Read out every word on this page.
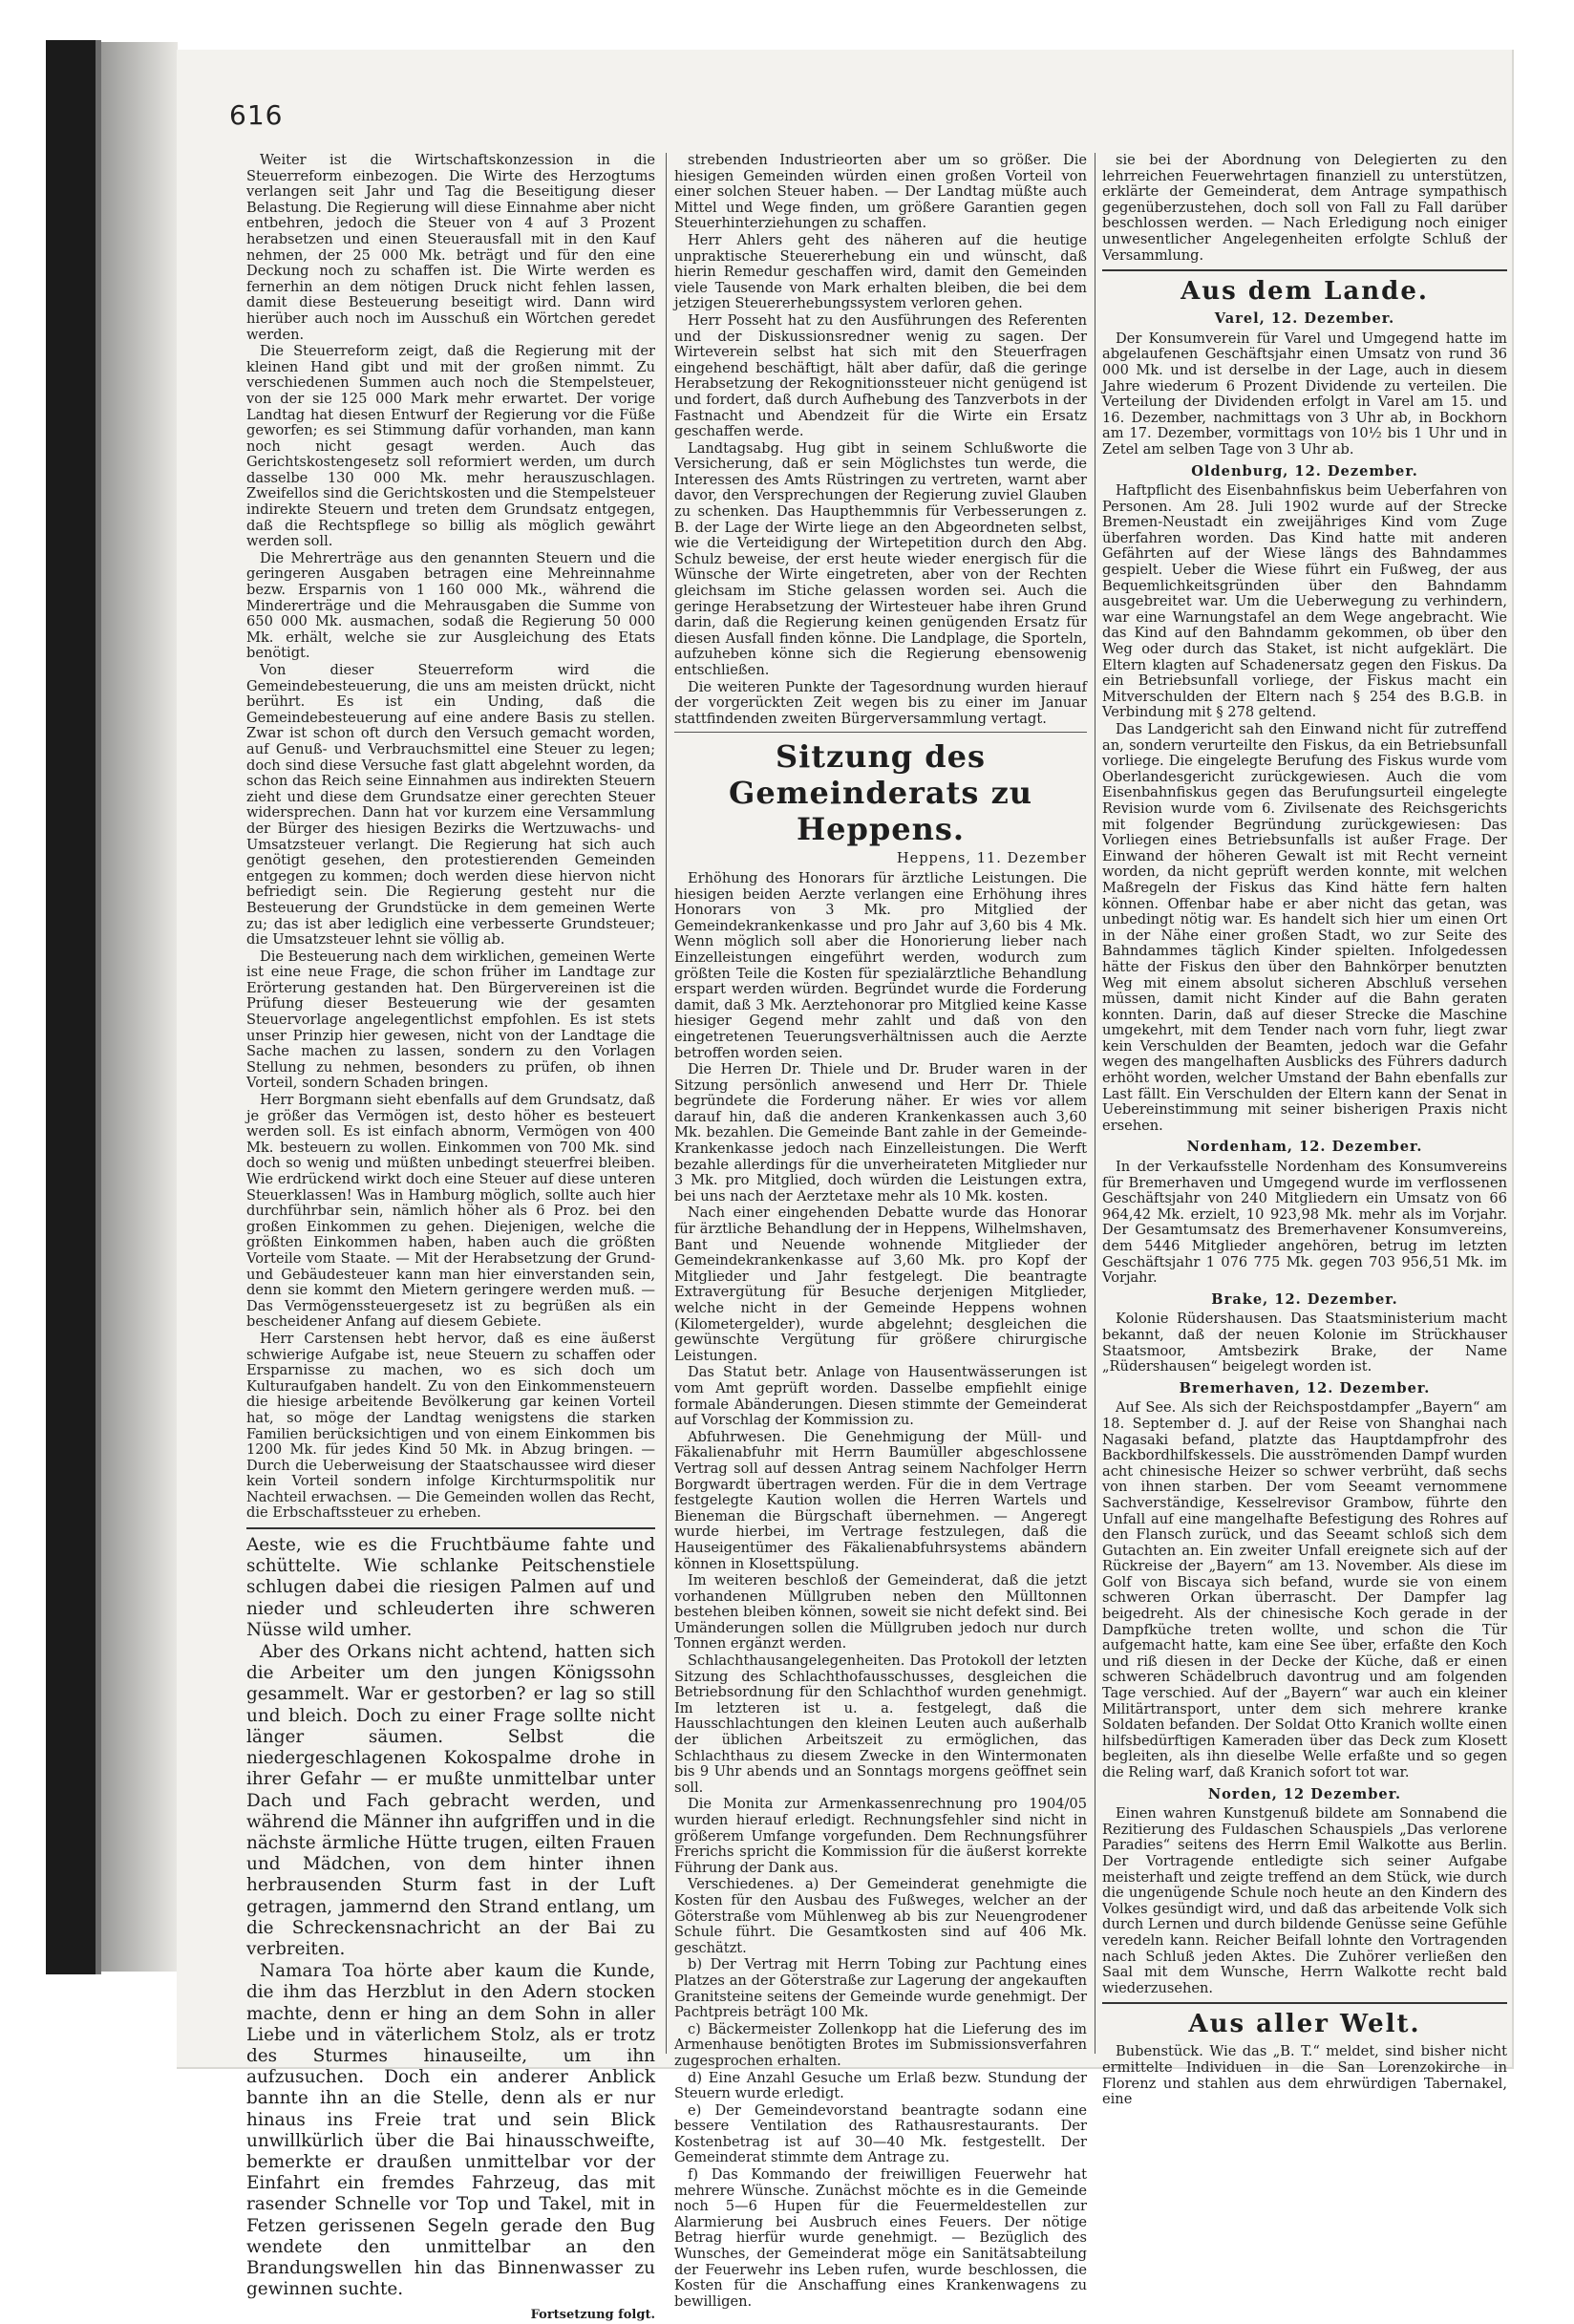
616

Weiter ist die Wirtschaftskonzession in die Steuerreform einbezogen. Die Wirte des Herzogtums verlangen seit Jahr und Tag die Beseitigung dieser Belastung. Die Regierung will diese Einnahme aber nicht entbehren, jedoch die Steuer von 4 auf 3 Prozent herabsetzen und einen Steuerausfall mit in den Kauf nehmen, der 25 000 Mk. beträgt und für den eine Deckung noch zu schaffen ist. Die Wirte werden es fernerhin an dem nötigen Druck nicht fehlen lassen, damit diese Besteuerung beseitigt wird. Dann wird hierüber auch noch im Ausschuß ein Wörtchen geredet werden.

Die Steuerreform zeigt, daß die Regierung mit der kleinen Hand gibt und mit der großen nimmt. Zu verschiedenen Summen auch noch die Stempelsteuer, von der sie 125 000 Mark mehr erwartet. Der vorige Landtag hat diesen Entwurf der Regierung vor die Füße geworfen; es sei Stimmung dafür vorhanden, man kann noch nicht gesagt werden. Auch das Gerichtskostengesetz soll reformiert werden, um durch dasselbe 130 000 Mk. mehr herauszuschlagen. Zweifellos sind die Gerichtskosten und die Stempelsteuer indirekte Steuern und treten dem Grundsatz entgegen, daß die Rechtspflege so billig als möglich gewährt werden soll.

Die Mehrerträge aus den genannten Steuern und die geringeren Ausgaben betragen eine Mehreinnahme bezw. Ersparnis von 1 160 000 Mk., während die Mindererträge und die Mehrausgaben die Summe von 650 000 Mk. ausmachen, sodaß die Regierung 50 000 Mk. erhält, welche sie zur Ausgleichung des Etats benötigt.

Von dieser Steuerreform wird die Gemeindebesteuerung, die uns am meisten drückt, nicht berührt. Es ist ein Unding, daß die Gemeindebesteuerung auf eine andere Basis zu stellen. Zwar ist schon oft durch den Versuch gemacht worden, auf Genuß- und Verbrauchsmittel eine Steuer zu legen; doch sind diese Versuche fast glatt abgelehnt worden, da schon das Reich seine Einnahmen aus indirekten Steuern zieht und diese dem Grundsatze einer gerechten Steuer widersprechen. Dann hat vor kurzem eine Versammlung der Bürger des hiesigen Bezirks die Wertzuwachs- und Umsatzsteuer verlangt. Die Regierung hat sich auch genötigt gesehen, den protestierenden Gemeinden entgegen zu kommen; doch werden diese hiervon nicht befriedigt sein. Die Regierung gesteht nur die Besteuerung der Grundstücke in dem gemeinen Werte zu; das ist aber lediglich eine verbesserte Grundsteuer; die Umsatzsteuer lehnt sie völlig ab.

Die Besteuerung nach dem wirklichen, gemeinen Werte ist eine neue Frage, die schon früher im Landtage zur Erörterung gestanden hat. Den Bürgervereinen ist die Prüfung dieser Besteuerung wie der gesamten Steuervorlage angelegentlichst empfohlen. Es ist stets unser Prinzip hier gewesen, nicht von der Landtage die Sache machen zu lassen, sondern zu den Vorlagen Stellung zu nehmen, besonders zu prüfen, ob ihnen Vorteil, sondern Schaden bringen.

Herr Borgmann sieht ebenfalls auf dem Grundsatz, daß je größer das Vermögen ist, desto höher es besteuert werden soll. Es ist einfach abnorm, Vermögen von 400 Mk. besteuern zu wollen. Einkommen von 700 Mk. sind doch so wenig und müßten unbedingt steuerfrei bleiben. Wie erdrückend wirkt doch eine Steuer auf diese unteren Steuerklassen! Was in Hamburg möglich, sollte auch hier durchführbar sein, nämlich höher als 6 Proz. bei den großen Einkommen zu gehen. Diejenigen, welche die größten Einkommen haben, haben auch die größten Vorteile vom Staate. — Mit der Herabsetzung der Grund- und Gebäudesteuer kann man hier einverstanden sein, denn sie kommt den Mietern geringere werden muß. — Das Vermögenssteuergesetz ist zu begrüßen als ein bescheidener Anfang auf diesem Gebiete.

Herr Carstensen hebt hervor, daß es eine äußerst schwierige Aufgabe ist, neue Steuern zu schaffen oder Ersparnisse zu machen, wo es sich doch um Kulturaufgaben handelt. Zu von den Einkommensteuern die hiesige arbeitende Bevölkerung gar keinen Vorteil hat, so möge der Landtag wenigstens die starken Familien berücksichtigen und von einem Einkommen bis 1200 Mk. für jedes Kind 50 Mk. in Abzug bringen. — Durch die Ueberweisung der Staatschaussee wird dieser kein Vorteil sondern infolge Kirchturmspolitik nur Nachteil erwachsen. — Die Gemeinden wollen das Recht, die Erbschaftssteuer zu erheben.

Aeste, wie es die Fruchtbäume fahte und schüttelte. Wie schlanke Peitschenstiele schlugen dabei die riesigen Palmen auf und nieder und schleuderten ihre schweren Nüsse wild umher.

Aber des Orkans nicht achtend, hatten sich die Arbeiter um den jungen Königssohn gesammelt. War er gestorben? er lag so still und bleich. Doch zu einer Frage sollte nicht länger säumen. Selbst die niedergeschlagenen Kokospalme drohe in ihrer Gefahr — er mußte unmittelbar unter Dach und Fach gebracht werden, und während die Männer ihn aufgriffen und in die nächste ärmliche Hütte trugen, eilten Frauen und Mädchen, von dem hinter ihnen herbrausenden Sturm fast in der Luft getragen, jammernd den Strand entlang, um die Schreckensnachricht an der Bai zu verbreiten.

Namara Toa hörte aber kaum die Kunde, die ihm das Herzblut in den Adern stocken machte, denn er hing an dem Sohn in aller Liebe und in väterlichem Stolz, als er trotz des Sturmes hinauseilte, um ihn aufzusuchen. Doch ein anderer Anblick bannte ihn an die Stelle, denn als er nur hinaus ins Freie trat und sein Blick unwillkürlich über die Bai hinausschweifte, bemerkte er draußen unmittelbar vor der Einfahrt ein fremdes Fahrzeug, das mit rasender Schnelle vor Top und Takel, mit in Fetzen gerissenen Segeln gerade den Bug wendete den unmittelbar an den Brandungswellen hin das Binnenwasser zu gewinnen suchte.

Fortsetzung folgt.

strebenden Industrieorten aber um so größer. Die hiesigen Gemeinden würden einen großen Vorteil von einer solchen Steuer haben. — Der Landtag müßte auch Mittel und Wege finden, um größere Garantien gegen Steuerhinterziehungen zu schaffen.

Herr Ahlers geht des näheren auf die heutige unpraktische Steuererhebung ein und wünscht, daß hierin Remedur geschaffen wird, damit den Gemeinden viele Tausende von Mark erhalten bleiben, die bei dem jetzigen Steuererhebungssystem verloren gehen.

Herr Posseht hat zu den Ausführungen des Referenten und der Diskussionsredner wenig zu sagen. Der Wirteverein selbst hat sich mit den Steuerfragen eingehend beschäftigt, hält aber dafür, daß die geringe Herabsetzung der Rekognitionssteuer nicht genügend ist und fordert, daß durch Aufhebung des Tanzverbots in der Fastnacht und Abendzeit für die Wirte ein Ersatz geschaffen werde.

Landtagsabg. Hug gibt in seinem Schlußworte die Versicherung, daß er sein Möglichstes tun werde, die Interessen des Amts Rüstringen zu vertreten, warnt aber davor, den Versprechungen der Regierung zuviel Glauben zu schenken. Das Haupthemmnis für Verbesserungen z. B. der Lage der Wirte liege an den Abgeordneten selbst, wie die Verteidigung der Wirtepetition durch den Abg. Schulz beweise, der erst heute wieder energisch für die Wünsche der Wirte eingetreten, aber von der Rechten gleichsam im Stiche gelassen worden sei. Auch die geringe Herabsetzung der Wirtesteuer habe ihren Grund darin, daß die Regierung keinen genügenden Ersatz für diesen Ausfall finden könne. Die Landplage, die Sporteln, aufzuheben könne sich die Regierung ebensowenig entschließen.

Die weiteren Punkte der Tagesordnung wurden hierauf der vorgerückten Zeit wegen bis zu einer im Januar stattfindenden zweiten Bürgerversammlung vertagt.

Sitzung des Gemeinderats zu Heppens.
Heppens, 11. Dezember

Erhöhung des Honorars für ärztliche Leistungen. Die hiesigen beiden Aerzte verlangen eine Erhöhung ihres Honorars von 3 Mk. pro Mitglied der Gemeindekrankenkasse und pro Jahr auf 3,60 bis 4 Mk. Wenn möglich soll aber die Honorierung lieber nach Einzelleistungen eingeführt werden, wodurch zum größten Teile die Kosten für spezialärztliche Behandlung erspart werden würden. Begründet wurde die Forderung damit, daß 3 Mk. Aerztehonorar pro Mitglied keine Kasse hiesiger Gegend mehr zahlt und daß von den eingetretenen Teuerungsverhältnissen auch die Aerzte betroffen worden seien.

Die Herren Dr. Thiele und Dr. Bruder waren in der Sitzung persönlich anwesend und Herr Dr. Thiele begründete die Forderung näher. Er wies vor allem darauf hin, daß die anderen Krankenkassen auch 3,60 Mk. bezahlen. Die Gemeinde Bant zahle in der Gemeinde-Krankenkasse jedoch nach Einzelleistungen. Die Werft bezahle allerdings für die unverheirateten Mitglieder nur 3 Mk. pro Mitglied, doch würden die Leistungen extra, bei uns nach der Aerztetaxe mehr als 10 Mk. kosten.

Nach einer eingehenden Debatte wurde das Honorar für ärztliche Behandlung der in Heppens, Wilhelmshaven, Bant und Neuende wohnende Mitglieder der Gemeindekrankenkasse auf 3,60 Mk. pro Kopf der Mitglieder und Jahr festgelegt. Die beantragte Extravergütung für Besuche derjenigen Mitglieder, welche nicht in der Gemeinde Heppens wohnen (Kilometergelder), wurde abgelehnt; desgleichen die gewünschte Vergütung für größere chirurgische Leistungen.

Das Statut betr. Anlage von Hausentwässerungen ist vom Amt geprüft worden. Dasselbe empfiehlt einige formale Abänderungen. Diesen stimmte der Gemeinderat auf Vorschlag der Kommission zu.

Abfuhrwesen. Die Genehmigung der Müll- und Fäkalienabfuhr mit Herrn Baumüller abgeschlossene Vertrag soll auf dessen Antrag seinem Nachfolger Herrn Borgwardt übertragen werden. Für die in dem Vertrage festgelegte Kaution wollen die Herren Wartels und Bieneman die Bürgschaft übernehmen. — Angeregt wurde hierbei, im Vertrage festzulegen, daß die Hauseigentümer des Fäkalienabfuhrsystems abändern können in Klosettspülung.

Im weiteren beschloß der Gemeinderat, daß die jetzt vorhandenen Müllgruben neben den Mülltonnen bestehen bleiben können, soweit sie nicht defekt sind. Bei Umänderungen sollen die Müllgruben jedoch nur durch Tonnen ergänzt werden.

Schlachthausangelegenheiten. Das Protokoll der letzten Sitzung des Schlachthofausschusses, desgleichen die Betriebsordnung für den Schlachthof wurden genehmigt. Im letzteren ist u. a. festgelegt, daß die Hausschlachtungen den kleinen Leuten auch außerhalb der üblichen Arbeitszeit zu ermöglichen, das Schlachthaus zu diesem Zwecke in den Wintermonaten bis 9 Uhr abends und an Sonntags morgens geöffnet sein soll.

Die Monita zur Armenkassenrechnung pro 1904/05 wurden hierauf erledigt. Rechnungsfehler sind nicht in größerem Umfange vorgefunden. Dem Rechnungsführer Frerichs spricht die Kommission für die äußerst korrekte Führung der Dank aus.

Verschiedenes. a) Der Gemeinderat genehmigte die Kosten für den Ausbau des Fußweges, welcher an der Göterstraße vom Mühlenweg ab bis zur Neuengrodener Schule führt. Die Gesamtkosten sind auf 406 Mk. geschätzt.

b) Der Vertrag mit Herrn Tobing zur Pachtung eines Platzes an der Göterstraße zur Lagerung der angekauften Granitsteine seitens der Gemeinde wurde genehmigt. Der Pachtpreis beträgt 100 Mk.

c) Bäckermeister Zollenkopp hat die Lieferung des im Armenhause benötigten Brotes im Submissionsverfahren zugesprochen erhalten.

d) Eine Anzahl Gesuche um Erlaß bezw. Stundung der Steuern wurde erledigt.

e) Der Gemeindevorstand beantragte sodann eine bessere Ventilation des Rathausrestaurants. Der Kostenbetrag ist auf 30—40 Mk. festgestellt. Der Gemeinderat stimmte dem Antrage zu.

f) Das Kommando der freiwilligen Feuerwehr hat mehrere Wünsche. Zunächst möchte es in die Gemeinde noch 5—6 Hupen für die Feuermeldestellen zur Alarmierung bei Ausbruch eines Feuers. Der nötige Betrag hierfür wurde genehmigt. — Bezüglich des Wunsches, der Gemeinderat möge ein Sanitätsabteilung der Feuerwehr ins Leben rufen, wurde beschlossen, die Kosten für die Anschaffung eines Krankenwagens zu bewilligen.

sie bei der Abordnung von Delegierten zu den lehrreichen Feuerwehrtagen finanziell zu unterstützen, erklärte der Gemeinderat, dem Antrage sympathisch gegenüberzustehen, doch soll von Fall zu Fall darüber beschlossen werden. — Nach Erledigung noch einiger unwesentlicher Angelegenheiten erfolgte Schluß der Versammlung.

Aus dem Lande.
Varel, 12. Dezember.

Der Konsumverein für Varel und Umgegend hatte im abgelaufenen Geschäftsjahr einen Umsatz von rund 36 000 Mk. und ist derselbe in der Lage, auch in diesem Jahre wiederum 6 Prozent Dividende zu verteilen. Die Verteilung der Dividenden erfolgt in Varel am 15. und 16. Dezember, nachmittags von 3 Uhr ab, in Bockhorn am 17. Dezember, vormittags von 10½ bis 1 Uhr und in Zetel am selben Tage von 3 Uhr ab.

Oldenburg, 12. Dezember.

Haftpflicht des Eisenbahnfiskus beim Ueberfahren von Personen. Am 28. Juli 1902 wurde auf der Strecke Bremen-Neustadt ein zweijähriges Kind vom Zuge überfahren worden. Das Kind hatte mit anderen Gefährten auf der Wiese längs des Bahndammes gespielt. Ueber die Wiese führt ein Fußweg, der aus Bequemlichkeitsgründen über den Bahndamm ausgebreitet war. Um die Ueberwegung zu verhindern, war eine Warnungstafel an dem Wege angebracht. Wie das Kind auf den Bahndamm gekommen, ob über den Weg oder durch das Staket, ist nicht aufgeklärt. Die Eltern klagten auf Schadenersatz gegen den Fiskus. Da ein Betriebsunfall vorliege, der Fiskus macht ein Mitverschulden der Eltern nach § 254 des B.G.B. in Verbindung mit § 278 geltend.

Das Landgericht sah den Einwand nicht für zutreffend an, sondern verurteilte den Fiskus, da ein Betriebsunfall vorliege. Die eingelegte Berufung des Fiskus wurde vom Oberlandesgericht zurückgewiesen. Auch die vom Eisenbahnfiskus gegen das Berufungsurteil eingelegte Revision wurde vom 6. Zivilsenate des Reichsgerichts mit folgender Begründung zurückgewiesen: Das Vorliegen eines Betriebsunfalls ist außer Frage. Der Einwand der höheren Gewalt ist mit Recht verneint worden, da nicht geprüft werden konnte, mit welchen Maßregeln der Fiskus das Kind hätte fern halten können. Offenbar habe er aber nicht das getan, was unbedingt nötig war. Es handelt sich hier um einen Ort in der Nähe einer großen Stadt, wo zur Seite des Bahndammes täglich Kinder spielten. Infolgedessen hätte der Fiskus den über den Bahnkörper benutzten Weg mit einem absolut sicheren Abschluß versehen müssen, damit nicht Kinder auf die Bahn geraten konnten. Darin, daß auf dieser Strecke die Maschine umgekehrt, mit dem Tender nach vorn fuhr, liegt zwar kein Verschulden der Beamten, jedoch war die Gefahr wegen des mangelhaften Ausblicks des Führers dadurch erhöht worden, welcher Umstand der Bahn ebenfalls zur Last fällt. Ein Verschulden der Eltern kann der Senat in Uebereinstimmung mit seiner bisherigen Praxis nicht ersehen.

Nordenham, 12. Dezember.

In der Verkaufsstelle Nordenham des Konsumvereins für Bremerhaven und Umgegend wurde im verflossenen Geschäftsjahr von 240 Mitgliedern ein Umsatz von 66 964,42 Mk. erzielt, 10 923,98 Mk. mehr als im Vorjahr. Der Gesamtumsatz des Bremerhavener Konsumvereins, dem 5446 Mitglieder angehören, betrug im letzten Geschäftsjahr 1 076 775 Mk. gegen 703 956,51 Mk. im Vorjahr.

Brake, 12. Dezember.

Kolonie Rüdershausen. Das Staatsministerium macht bekannt, daß der neuen Kolonie im Strückhauser Staatsmoor, Amtsbezirk Brake, der Name „Rüdershausen“ beigelegt worden ist.

Bremerhaven, 12. Dezember.

Auf See. Als sich der Reichspostdampfer „Bayern“ am 18. September d. J. auf der Reise von Shanghai nach Nagasaki befand, platzte das Hauptdampfrohr des Backbordhilfskessels. Die ausströmenden Dampf wurden acht chinesische Heizer so schwer verbrüht, daß sechs von ihnen starben. Der vom Seeamt vernommene Sachverständige, Kesselrevisor Grambow, führte den Unfall auf eine mangelhafte Befestigung des Rohres auf den Flansch zurück, und das Seeamt schloß sich dem Gutachten an. Ein zweiter Unfall ereignete sich auf der Rückreise der „Bayern“ am 13. November. Als diese im Golf von Biscaya sich befand, wurde sie von einem schweren Orkan überrascht. Der Dampfer lag beigedreht. Als der chinesische Koch gerade in der Dampfküche treten wollte, und schon die Tür aufgemacht hatte, kam eine See über, erfaßte den Koch und riß diesen in der Decke der Küche, daß er einen schweren Schädelbruch davontrug und am folgenden Tage verschied. Auf der „Bayern“ war auch ein kleiner Militärtransport, unter dem sich mehrere kranke Soldaten befanden. Der Soldat Otto Kranich wollte einen hilfsbedürftigen Kameraden über das Deck zum Klosett begleiten, als ihn dieselbe Welle erfaßte und so gegen die Reling warf, daß Kranich sofort tot war.

Norden, 12 Dezember.

Einen wahren Kunstgenuß bildete am Sonnabend die Rezitierung des Fuldaschen Schauspiels „Das verlorene Paradies“ seitens des Herrn Emil Walkotte aus Berlin. Der Vortragende entledigte sich seiner Aufgabe meisterhaft und zeigte treffend an dem Stück, wie durch die ungenügende Schule noch heute an den Kindern des Volkes gesündigt wird, und daß das arbeitende Volk sich durch Lernen und durch bildende Genüsse seine Gefühle veredeln kann. Reicher Beifall lohnte den Vortragenden nach Schluß jeden Aktes. Die Zuhörer verließen den Saal mit dem Wunsche, Herrn Walkotte recht bald wiederzusehen.

Aus aller Welt.

Bubenstück. Wie das „B. T.“ meldet, sind bisher nicht ermittelte Individuen in die San Lorenzokirche in Florenz und stahlen aus dem ehrwürdigen Tabernakel, eine
